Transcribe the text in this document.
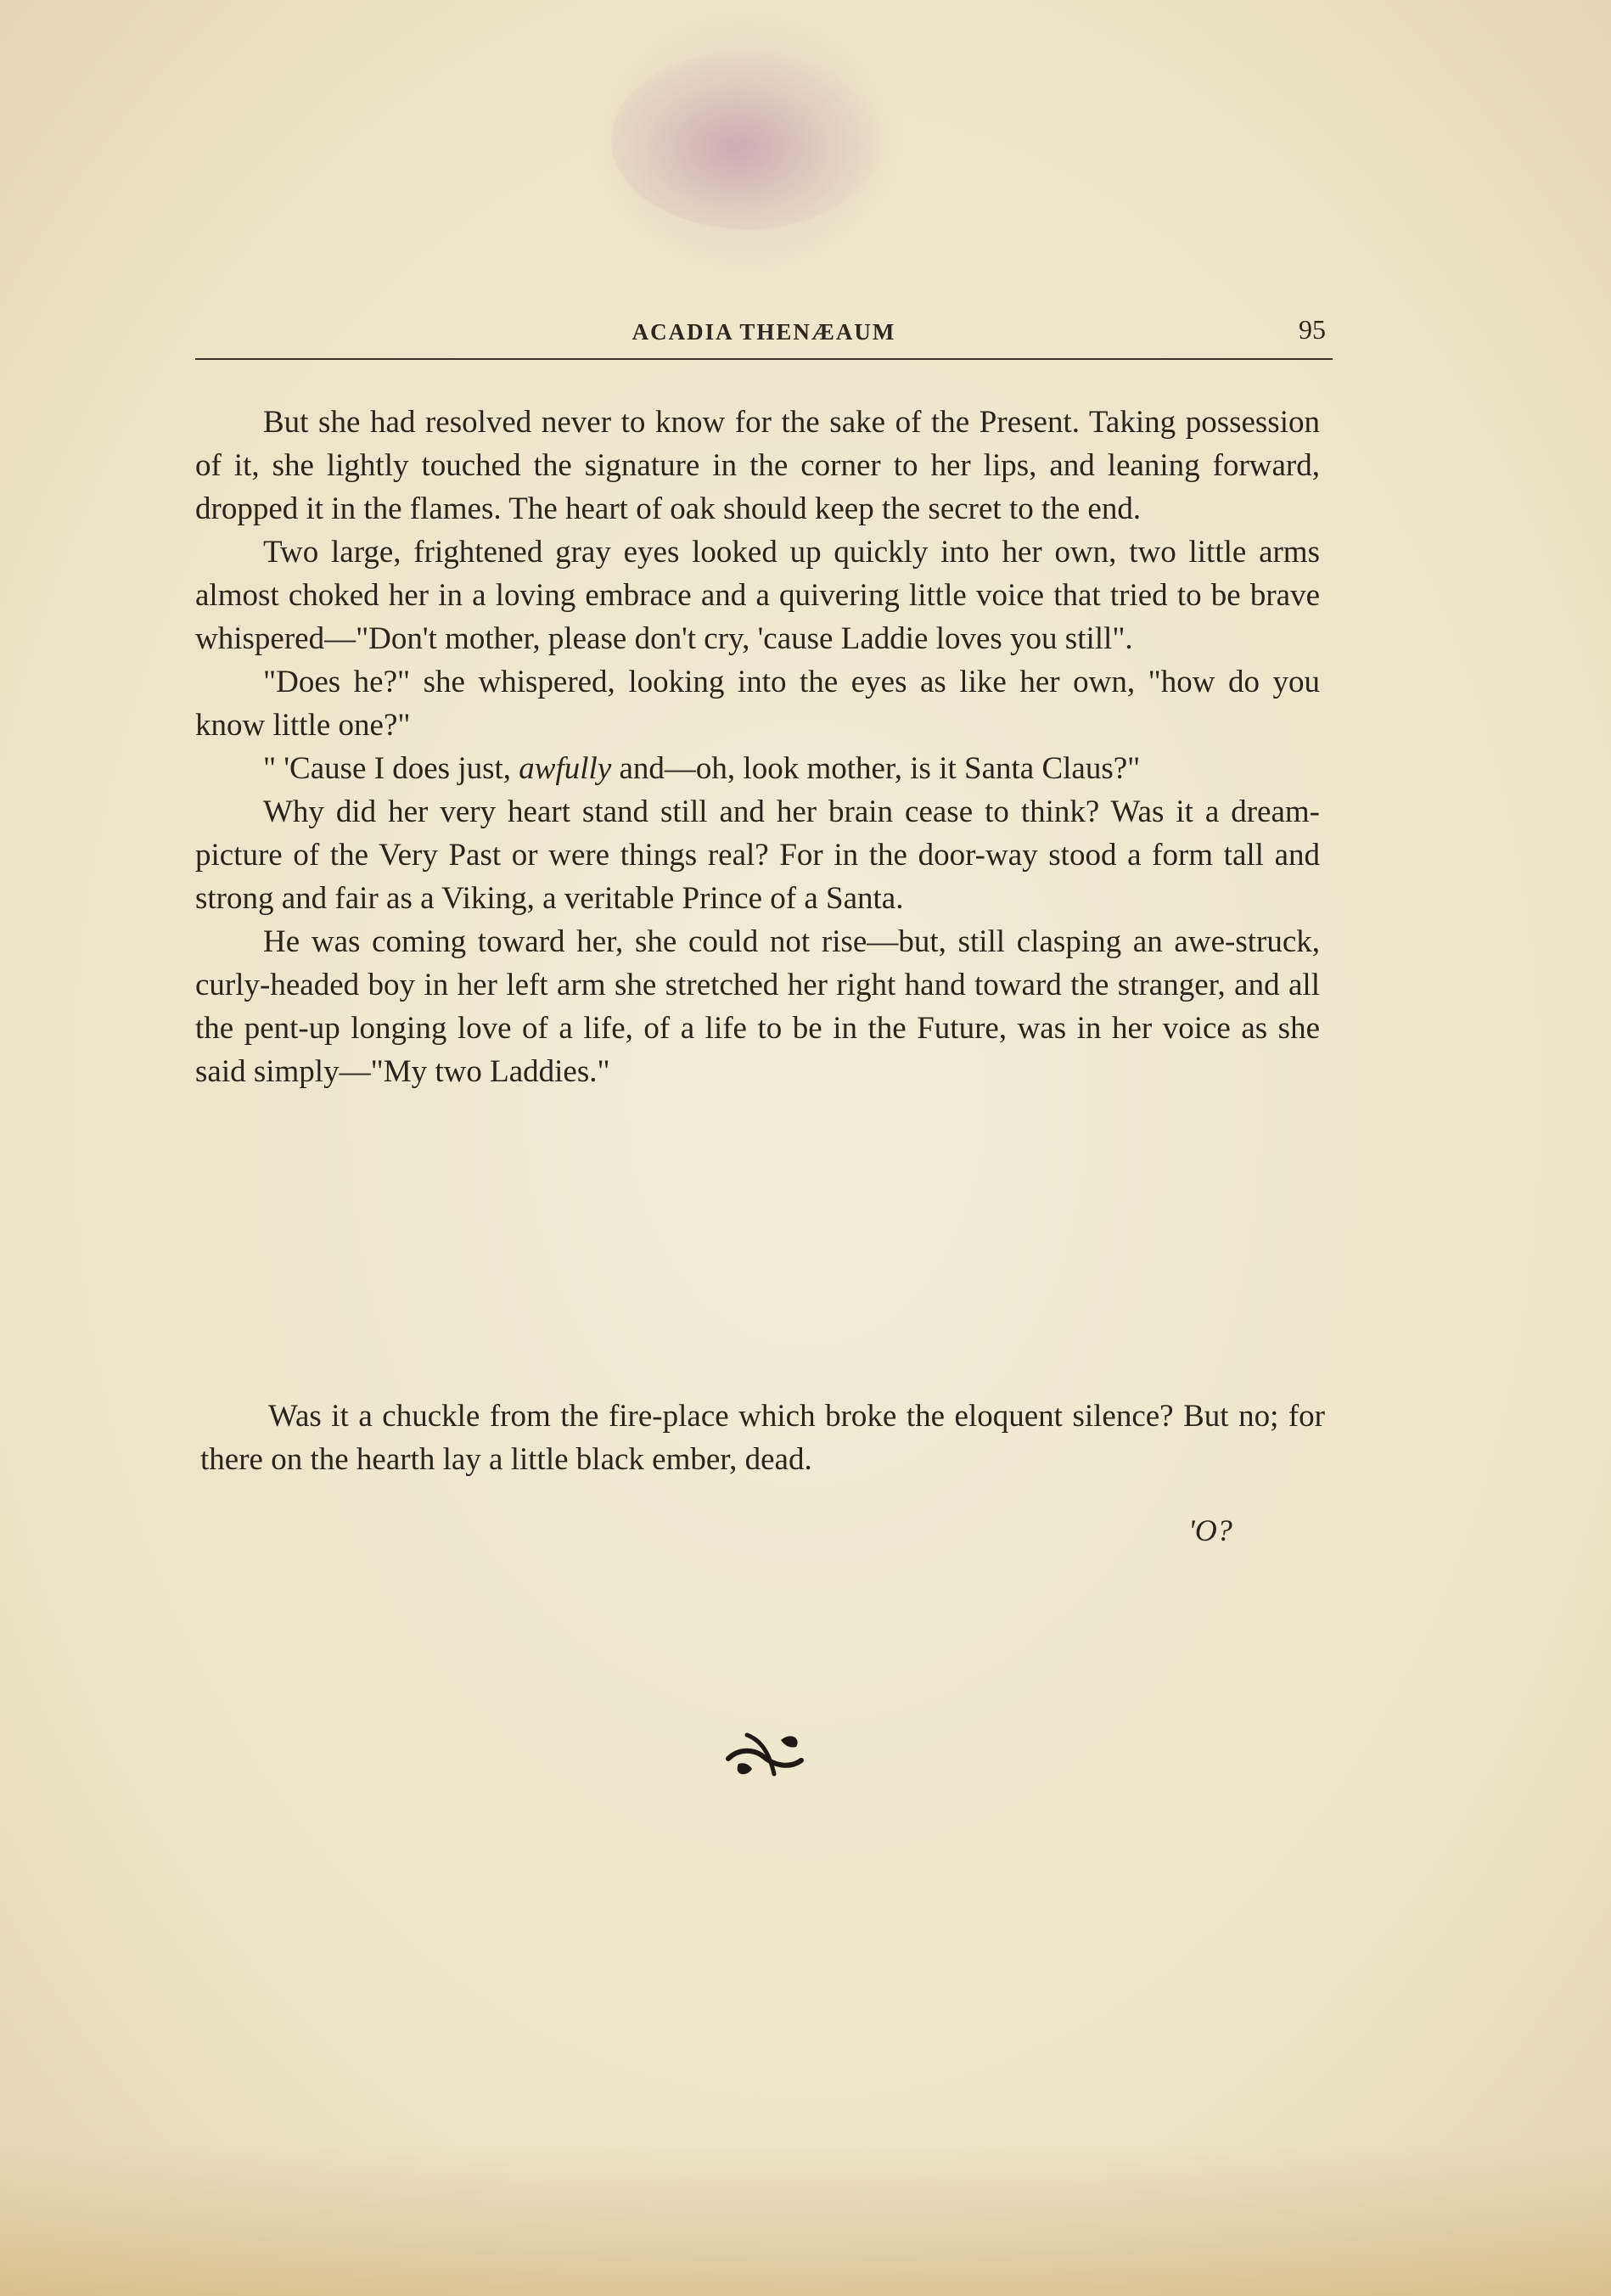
ACADIA THENÆAUM	95

But she had resolved never to know for the sake of the Present. Taking possession of it, she lightly touched the signature in the corner to her lips, and leaning forward, dropped it in the flames. The heart of oak should keep the secret to the end.

Two large, frightened gray eyes looked up quickly into her own, two little arms almost choked her in a loving embrace and a quivering little voice that tried to be brave whispered—"Don't mother, please don't cry, 'cause Laddie loves you still".

"Does he?" she whispered, looking into the eyes as like her own, "how do you know little one?"

" 'Cause I does just, awfully and—oh, look mother, is it Santa Claus?"

Why did her very heart stand still and her brain cease to think? Was it a dream-picture of the Very Past or were things real? For in the door-way stood a form tall and strong and fair as a Viking, a veritable Prince of a Santa.

He was coming toward her, she could not rise—but, still clasping an awe-struck, curly-headed boy in her left arm she stretched her right hand toward the stranger, and all the pent-up longing love of a life, of a life to be in the Future, was in her voice as she said simply—"My two Laddies."

Was it a chuckle from the fire-place which broke the eloquent silence? But no; for there on the hearth lay a little black ember, dead.

'O?
